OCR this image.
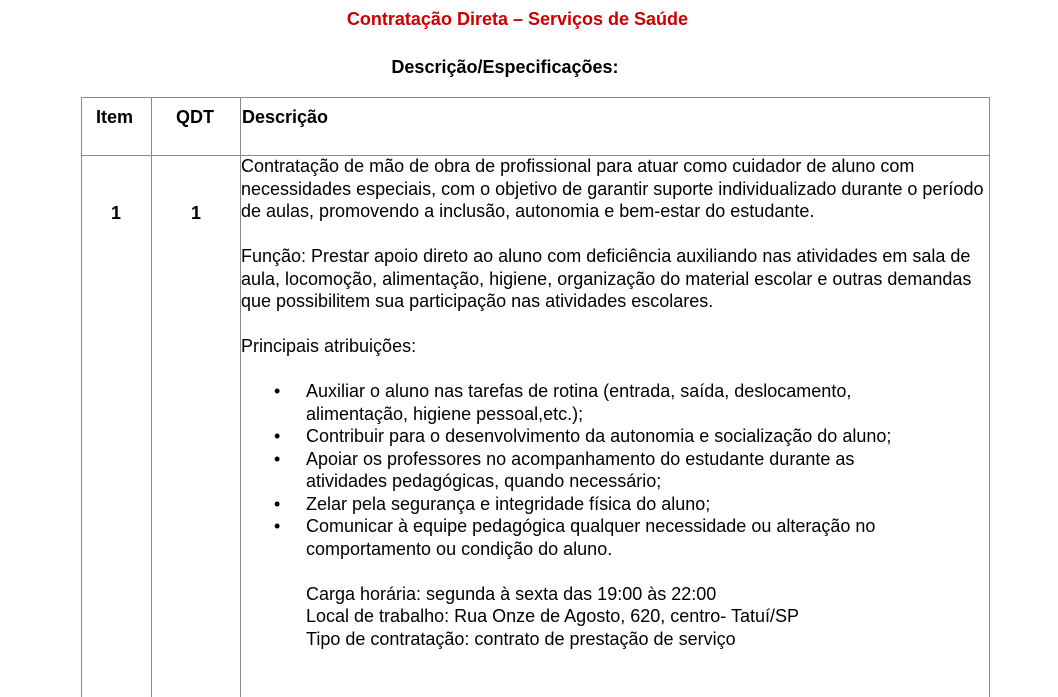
Contratação Direta – Serviços de Saúde
Descrição/Especificações:
Item QDT Descrição
1	1

Contratação de mão de obra de profissional para atuar como cuidador de aluno com necessidades especiais, com o objetivo de garantir suporte individualizado durante o período de aulas, promovendo a inclusão, autonomia e bem-estar do estudante.

Função: Prestar apoio direto ao aluno com deficiência auxiliando nas atividades em sala de aula, locomoção, alimentação, higiene, organização do material escolar e outras demandas que possibilitem sua participação nas atividades escolares.

Principais atribuições:

• Auxiliar o aluno nas tarefas de rotina (entrada, saída, deslocamento, alimentação, higiene pessoal,etc.);
• Contribuir para o desenvolvimento da autonomia e socialização do aluno;
• Apoiar os professores no acompanhamento do estudante durante as atividades pedagógicas, quando necessário;
• Zelar pela segurança e integridade física do aluno;
• Comunicar à equipe pedagógica qualquer necessidade ou alteração no comportamento ou condição do aluno.
Carga horária: segunda à sexta das 19:00 às 22:00
Local de trabalho: Rua Onze de Agosto, 620, centro- Tatuí/SP
Tipo de contratação: contrato de prestação de serviço
